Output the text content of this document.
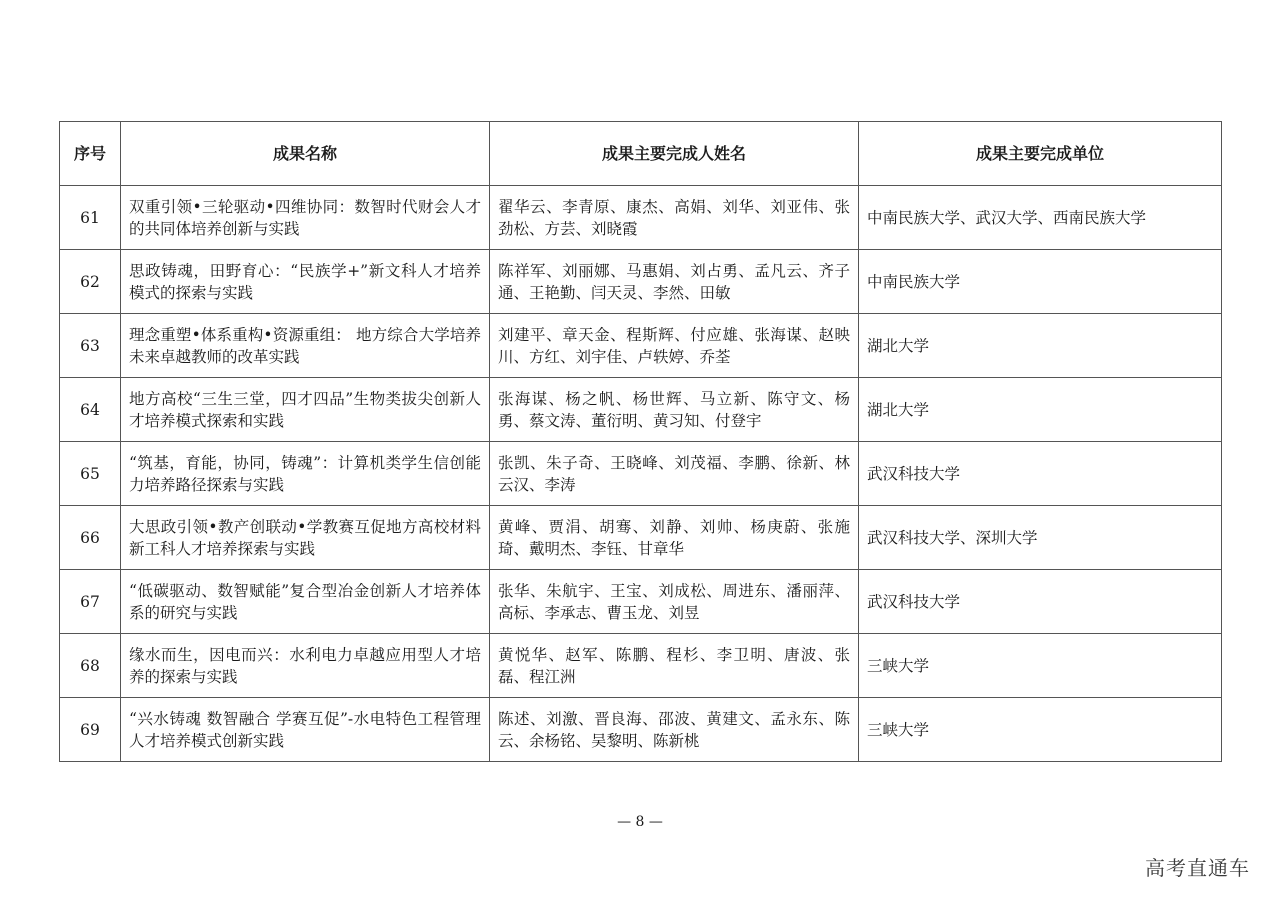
序号	成果名称	成果主要完成人姓名	成果主要完成单位
61	双重引领•三轮驱动•四维协同：数智时代财会人才的共同体培养创新与实践	翟华云、李青原、康杰、高娟、刘华、刘亚伟、张劲松、方芸、刘晓霞	中南民族大学、武汉大学、西南民族大学
62	思政铸魂，田野育心：“民族学+”新文科人才培养模式的探索与实践	陈祥军、刘丽娜、马惠娟、刘占勇、孟凡云、齐子通、王艳勤、闫天灵、李然、田敏	中南民族大学
63	理念重塑•体系重构•资源重组： 地方综合大学培养未来卓越教师的改革实践	刘建平、章天金、程斯辉、付应雄、张海谋、赵映川、方红、刘宇佳、卢轶婷、乔荃	湖北大学
64	地方高校“三生三堂，四才四品”生物类拔尖创新人才培养模式探索和实践	张海谋、杨之帆、杨世辉、马立新、陈守文、杨勇、蔡文涛、董衍明、黄习知、付登宇	湖北大学
65	“筑基，育能，协同，铸魂”：计算机类学生信创能力培养路径探索与实践	张凯、朱子奇、王晓峰、刘茂福、李鹏、徐新、林云汉、李涛	武汉科技大学
66	大思政引领•教产创联动•学教赛互促地方高校材料新工科人才培养探索与实践	黄峰、贾涓、胡骞、刘静、刘帅、杨庚蔚、张施琦、戴明杰、李钰、甘章华	武汉科技大学、深圳大学
67	“低碳驱动、数智赋能”复合型冶金创新人才培养体系的研究与实践	张华、朱航宇、王宝、刘成松、周进东、潘丽萍、高标、李承志、曹玉龙、刘昱	武汉科技大学
68	缘水而生，因电而兴：水利电力卓越应用型人才培养的探索与实践	黄悦华、赵军、陈鹏、程杉、李卫明、唐波、张磊、程江洲	三峡大学
69	“兴水铸魂 数智融合 学赛互促”-水电特色工程管理人才培养模式创新实践	陈述、刘激、晋良海、邵波、黄建文、孟永东、陈云、余杨铭、吴黎明、陈新桃	三峡大学
— 8 —
高考直通车
